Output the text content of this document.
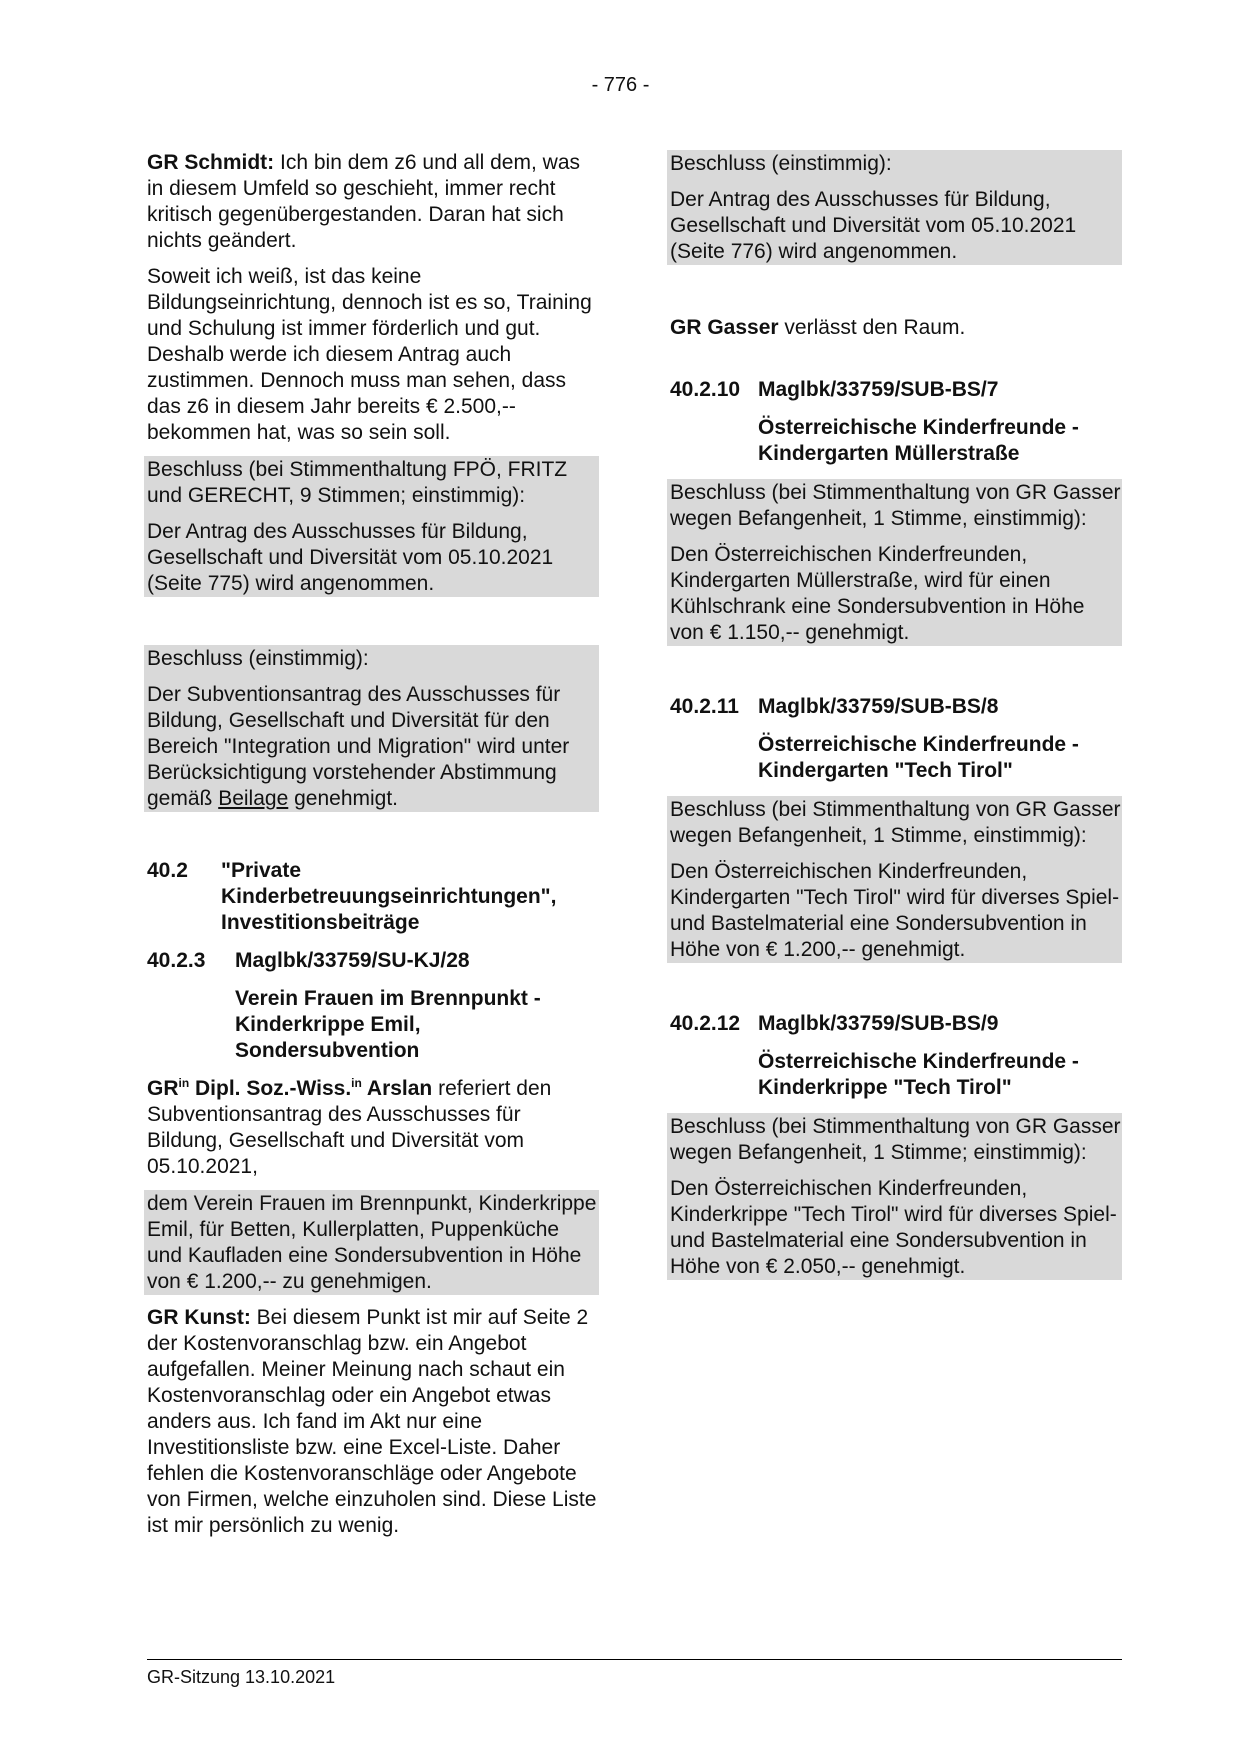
- 776 -

GR Schmidt: Ich bin dem z6 und all dem, was in diesem Umfeld so geschieht, immer recht kritisch gegenübergestanden. Daran hat sich nichts geändert.

Soweit ich weiß, ist das keine Bildungseinrichtung, dennoch ist es so, Training und Schulung ist immer förderlich und gut. Deshalb werde ich diesem Antrag auch zustimmen. Dennoch muss man sehen, dass das z6 in diesem Jahr bereits € 2.500,-- bekommen hat, was so sein soll.

Beschluss (bei Stimmenthaltung FPÖ, FRITZ und GERECHT, 9 Stimmen; einstimmig):

Der Antrag des Ausschusses für Bildung, Gesellschaft und Diversität vom 05.10.2021 (Seite 775) wird angenommen.

Beschluss (einstimmig):

Der Subventionsantrag des Ausschusses für Bildung, Gesellschaft und Diversität für den Bereich "Integration und Migration" wird unter Berücksichtigung vorstehender Abstimmung gemäß Beilage genehmigt.

40.2	"Private Kinderbetreuungseinrichtungen", Investitionsbeiträge
40.2.3	Maglbk/33759/SU-KJ/28
Verein Frauen im Brennpunkt - Kinderkrippe Emil, Sondersubvention

$GR^{in}$ Dipl. Soz.-Wiss.$^{in}$ Arslan referiert den Subventionsantrag des Ausschusses für Bildung, Gesellschaft und Diversität vom 05.10.2021,

dem Verein Frauen im Brennpunkt, Kinderkrippe Emil, für Betten, Kullerplatten, Puppenküche und Kaufladen eine Sondersubvention in Höhe von € 1.200,-- zu genehmigen.

GR Kunst: Bei diesem Punkt ist mir auf Seite 2 der Kostenvoranschlag bzw. ein Angebot aufgefallen. Meiner Meinung nach schaut ein Kostenvoranschlag oder ein Angebot etwas anders aus. Ich fand im Akt nur eine Investitionsliste bzw. eine Excel-Liste. Daher fehlen die Kostenvoranschläge oder Angebote von Firmen, welche einzuholen sind. Diese Liste ist mir persönlich zu wenig.

Beschluss (einstimmig):

Der Antrag des Ausschusses für Bildung, Gesellschaft und Diversität vom 05.10.2021 (Seite 776) wird angenommen.

GR Gasser verlässt den Raum.

40.2.10 Maglbk/33759/SUB-BS/7
Österreichische Kinderfreunde - Kindergarten Müllerstraße

Beschluss (bei Stimmenthaltung von GR Gasser wegen Befangenheit, 1 Stimme, einstimmig):

Den Österreichischen Kinderfreunden, Kindergarten Müllerstraße, wird für einen Kühlschrank eine Sondersubvention in Höhe von € 1.150,-- genehmigt.

40.2.11 Maglbk/33759/SUB-BS/8
Österreichische Kinderfreunde - Kindergarten "Tech Tirol"

Beschluss (bei Stimmenthaltung von GR Gasser wegen Befangenheit, 1 Stimme, einstimmig):

Den Österreichischen Kinderfreunden, Kindergarten "Tech Tirol" wird für diverses Spiel- und Bastelmaterial eine Sondersubvention in Höhe von € 1.200,-- genehmigt.

40.2.12 Maglbk/33759/SUB-BS/9
Österreichische Kinderfreunde - Kinderkrippe "Tech Tirol"

Beschluss (bei Stimmenthaltung von GR Gasser wegen Befangenheit, 1 Stimme; einstimmig):

Den Österreichischen Kinderfreunden, Kinderkrippe "Tech Tirol" wird für diverses Spiel- und Bastelmaterial eine Sondersubvention in Höhe von € 2.050,-- genehmigt.

GR-Sitzung 13.10.2021
